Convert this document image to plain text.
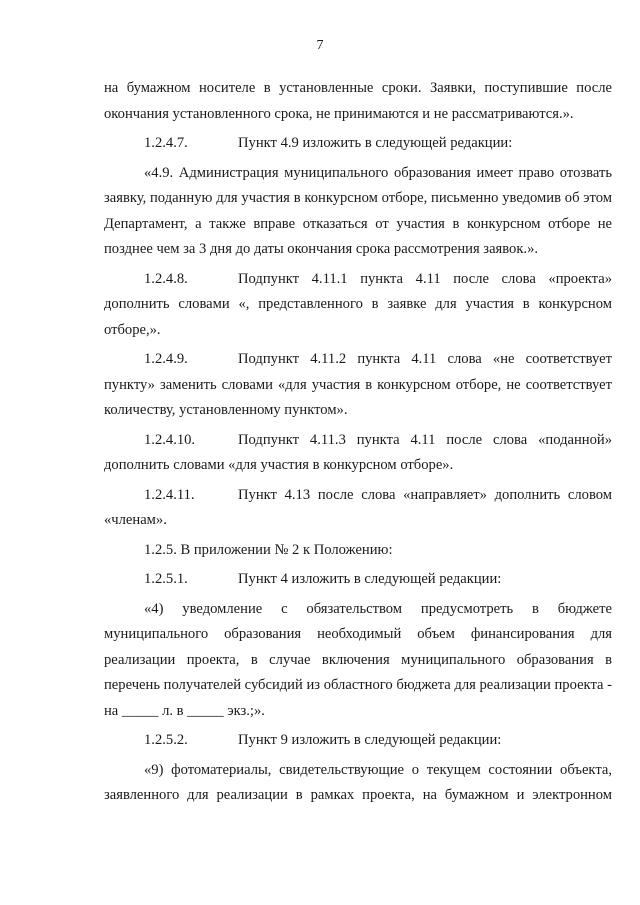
7

на бумажном носителе в установленные сроки. Заявки, поступившие после окончания установленного срока, не принимаются и не рассматриваются.».

1.2.4.7.	Пункт 4.9 изложить в следующей редакции:

«4.9. Администрация муниципального образования имеет право отозвать заявку, поданную для участия в конкурсном отборе, письменно уведомив об этом Департамент, а также вправе отказаться от участия в конкурсном отборе не позднее чем за 3 дня до даты окончания срока рассмотрения заявок.».

1.2.4.8.	Подпункт 4.11.1 пункта 4.11 после слова «проекта» дополнить словами «, представленного в заявке для участия в конкурсном отборе,».

1.2.4.9.	Подпункт 4.11.2 пункта 4.11 слова «не соответствует пункту» заменить словами «для участия в конкурсном отборе, не соответствует количеству, установленному пунктом».

1.2.4.10.	Подпункт 4.11.3 пункта 4.11 после слова «поданной» дополнить словами «для участия в конкурсном отборе».

1.2.4.11.	Пункт 4.13 после слова «направляет» дополнить словом «членам».

1.2.5. В приложении № 2 к Положению:

1.2.5.1.	Пункт 4 изложить в следующей редакции:

«4) уведомление с обязательством предусмотреть в бюджете муниципального образования необходимый объем финансирования для реализации проекта, в случае включения муниципального образования в перечень получателей субсидий из областного бюджета для реализации проекта - на _____ л. в _____ экз.;».

1.2.5.2.	Пункт 9 изложить в следующей редакции:

«9) фотоматериалы, свидетельствующие о текущем состоянии объекта, заявленного для реализации в рамках проекта, на бумажном и электронном
